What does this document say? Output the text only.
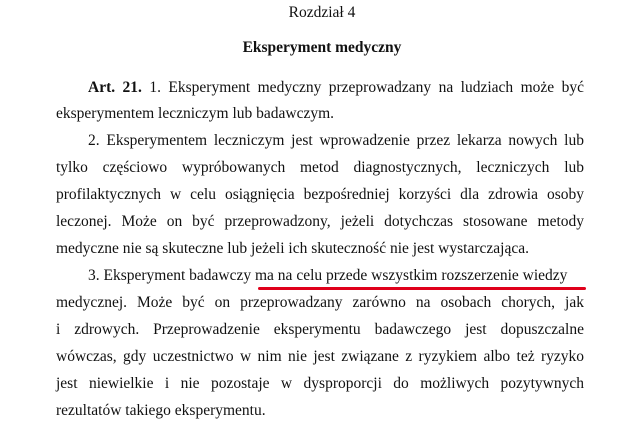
Rozdział 4
Eksperyment medyczny
Art. 21. 1. Eksperyment medyczny przeprowadzany na ludziach może być
eksperymentem leczniczym lub badawczym.
2. Eksperymentem leczniczym jest wprowadzenie przez lekarza nowych lub
tylko częściowo wypróbowanych metod diagnostycznych, leczniczych lub
profilaktycznych w celu osiągnięcia bezpośredniej korzyści dla zdrowia osoby
leczonej. Może on być przeprowadzony, jeżeli dotychczas stosowane metody
medyczne nie są skuteczne lub jeżeli ich skuteczność nie jest wystarczająca.
3. Eksperyment badawczy ma na celu przede wszystkim rozszerzenie wiedzy
medycznej. Może być on przeprowadzany zarówno na osobach chorych, jak
i zdrowych. Przeprowadzenie eksperymentu badawczego jest dopuszczalne
wówczas, gdy uczestnictwo w nim nie jest związane z ryzykiem albo też ryzyko
jest niewielkie i nie pozostaje w dysproporcji do możliwych pozytywnych
rezultatów takiego eksperymentu.
